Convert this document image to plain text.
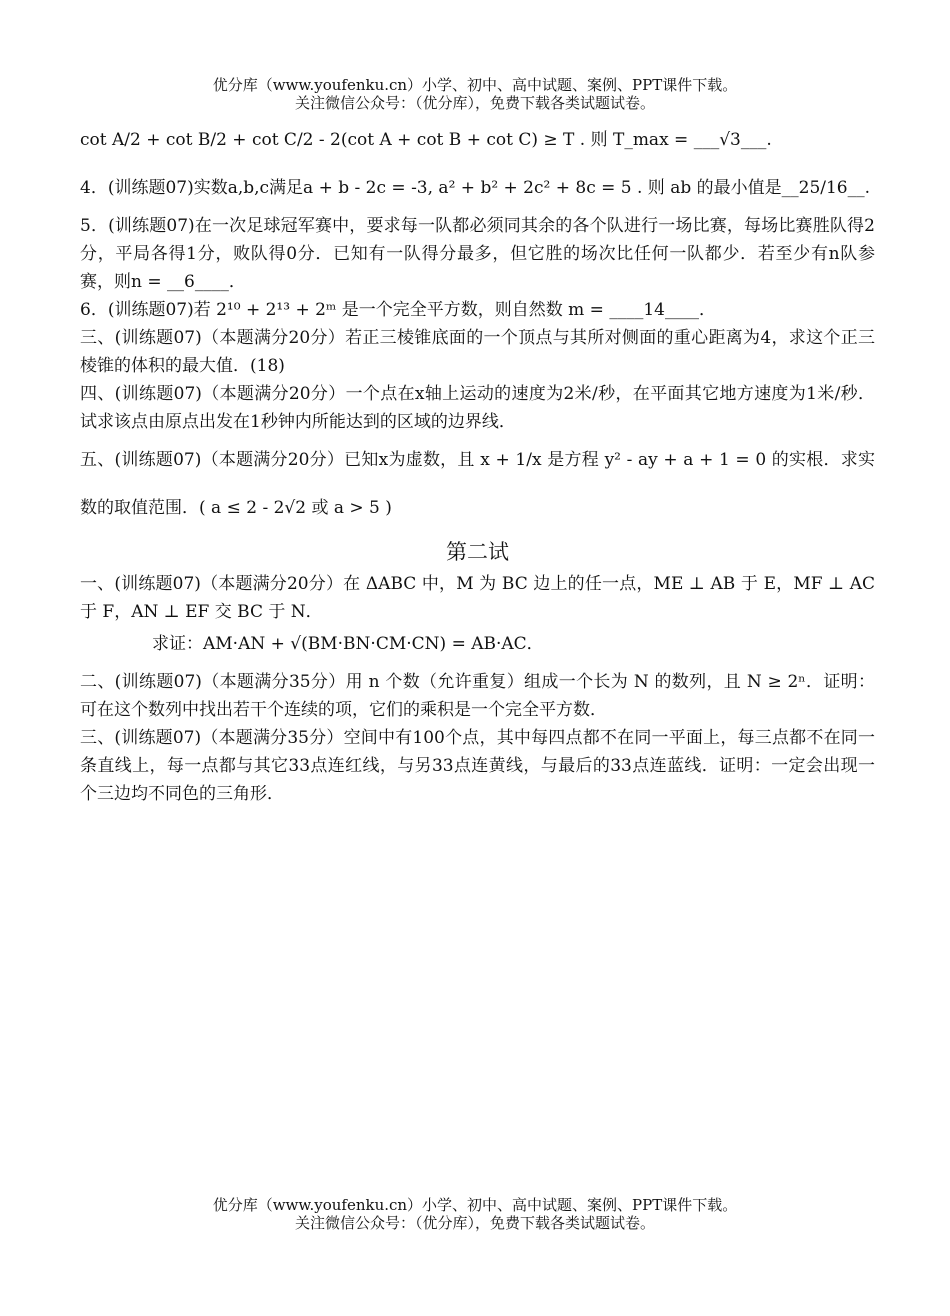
优分库（www.youfenku.cn）小学、初中、高中试题、案例、PPT课件下载。
关注微信公众号：（优分库），免费下载各类试题试卷。
cot A/2 + cot B/2 + cot C/2 - 2(cot A + cot B + cot C) ≥ T . 则 T_max = ___√3___.
4．(训练题07)实数a,b,c满足a + b - 2c = -3, a² + b² + 2c² + 8c = 5 . 则 ab 的最小值是__25/16__.
5．(训练题07)在一次足球冠军赛中，要求每一队都必须同其余的各个队进行一场比赛，每场比赛胜队得2分，平局各得1分，败队得0分．已知有一队得分最多，但它胜的场次比任何一队都少．若至少有n队参赛，则n = __6____．
6．(训练题07)若 2¹⁰ + 2¹³ + 2ᵐ 是一个完全平方数，则自然数 m = ____14____．
三、(训练题07)（本题满分20分）若正三棱锥底面的一个顶点与其所对侧面的重心距离为4，求这个正三棱锥的体积的最大值．(18)
四、(训练题07)（本题满分20分）一个点在x轴上运动的速度为2米/秒，在平面其它地方速度为1米/秒．试求该点由原点出发在1秒钟内所能达到的区域的边界线．
五、(训练题07)（本题满分20分）已知x为虚数，且 x + 1/x 是方程 y² - ay + a + 1 = 0 的实根．求实数的取值范围．( a ≤ 2 - 2√2 或 a > 5 )
第二试
一、(训练题07)（本题满分20分）在 ΔABC 中，M 为 BC 边上的任一点，ME ⊥ AB 于 E，MF ⊥ AC 于 F，AN ⊥ EF 交 BC 于 N．
求证：AM·AN + √(BM·BN·CM·CN) = AB·AC．
二、(训练题07)（本题满分35分）用 n 个数（允许重复）组成一个长为 N 的数列，且 N ≥ 2ⁿ．证明：可在这个数列中找出若干个连续的项，它们的乘积是一个完全平方数．
三、(训练题07)（本题满分35分）空间中有100个点，其中每四点都不在同一平面上，每三点都不在同一条直线上，每一点都与其它33点连红线，与另33点连黄线，与最后的33点连蓝线．证明：一定会出现一个三边均不同色的三角形．
优分库（www.youfenku.cn）小学、初中、高中试题、案例、PPT课件下载。
关注微信公众号：（优分库），免费下载各类试题试卷。
